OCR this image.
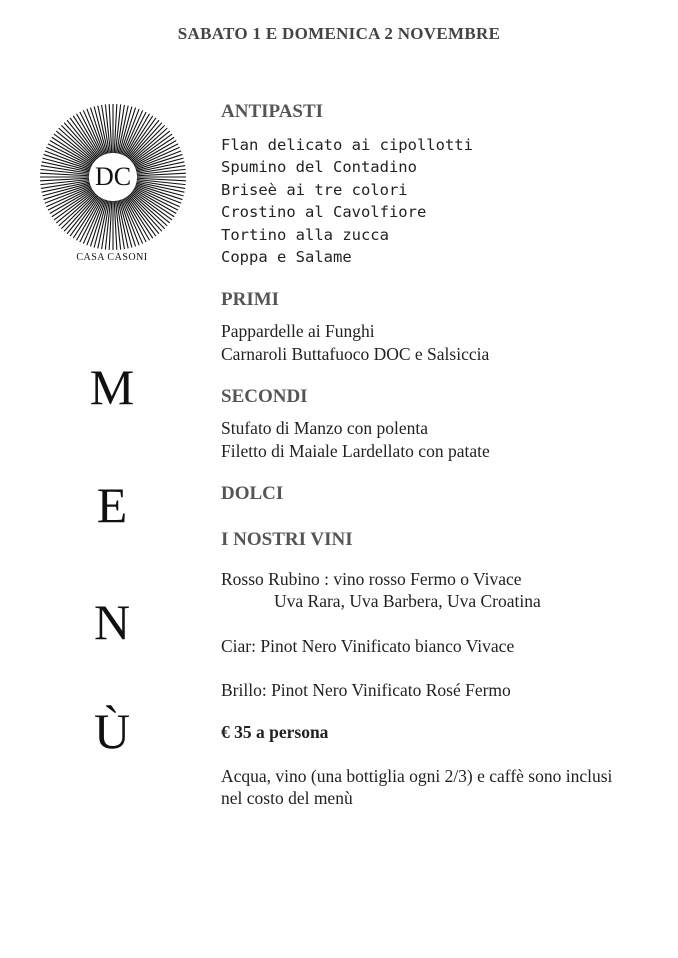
SABATO 1 E DOMENICA 2 NOVEMBRE
DC
CASA CASONI
M
E
N
Ù
ANTIPASTI
Flan delicato ai cipollotti
Spumino del Contadino
Briseè ai tre colori
Crostino al Cavolfiore
Tortino alla zucca
Coppa e Salame
PRIMI
Pappardelle ai Funghi
Carnaroli Buttafuoco DOC e Salsiccia
SECONDI
Stufato di Manzo con polenta
Filetto di Maiale Lardellato con patate
DOLCI
I NOSTRI VINI
Rosso Rubino : vino rosso Fermo o Vivace
Uva Rara, Uva Barbera, Uva Croatina
Ciar: Pinot Nero Vinificato bianco Vivace
Brillo: Pinot Nero Vinificato Rosé Fermo
€ 35 a persona
Acqua, vino (una bottiglia ogni 2/3) e caffè sono inclusi nel costo del menù
